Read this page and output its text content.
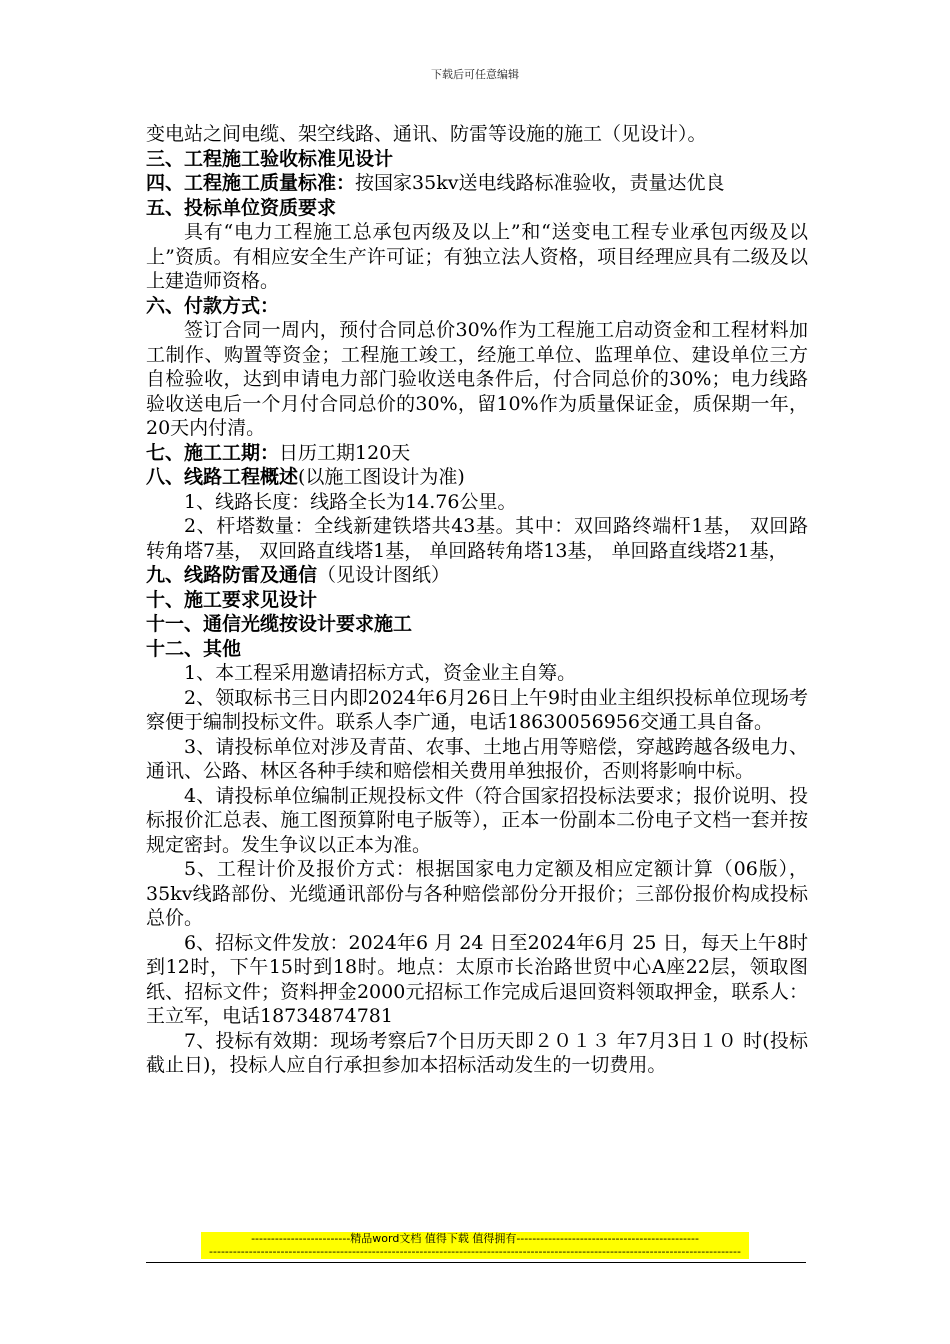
下载后可任意编辑

变电站之间电缆、架空线路、通讯、防雷等设施的施工（见设计）。

三、工程施工验收标准见设计

四、工程施工质量标准：按国家35kv送电线路标准验收，责量达优良

五、投标单位资质要求

具有“电力工程施工总承包丙级及以上”和“送变电工程专业承包丙级及以上”资质。有相应安全生产许可证；有独立法人资格，项目经理应具有二级及以上建造师资格。

六、付款方式：

签订合同一周内，预付合同总价30%作为工程施工启动资金和工程材料加工制作、购置等资金；工程施工竣工，经施工单位、监理单位、建设单位三方自检验收，达到申请电力部门验收送电条件后，付合同总价的30%；电力线路验收送电后一个月付合同总价的30%，留10%作为质量保证金，质保期一年，20天内付清。

七、施工工期：日历工期120天

八、线路工程概述(以施工图设计为准)

1、线路长度：线路全长为14.76公里。

2、杆塔数量：全线新建铁塔共43基。其中：双回路终端杆1基， 双回路转角塔7基， 双回路直线塔1基， 单回路转角塔13基， 单回路直线塔21基，

九、线路防雷及通信（见设计图纸）

十、施工要求见设计

十一、通信光缆按设计要求施工

十二、其他

1、本工程采用邀请招标方式，资金业主自筹。

2、领取标书三日内即2024年6月26日上午9时由业主组织投标单位现场考察便于编制投标文件。联系人李广通，电话18630056956交通工具自备。

3、请投标单位对涉及青苗、农事、土地占用等赔偿，穿越跨越各级电力、通讯、公路、林区各种手续和赔偿相关费用单独报价，否则将影响中标。

4、请投标单位编制正规投标文件（符合国家招投标法要求；报价说明、投标报价汇总表、施工图预算附电子版等），正本一份副本二份电子文档一套并按规定密封。发生争议以正本为准。

5、工程计价及报价方式：根据国家电力定额及相应定额计算（06版），35kv线路部份、光缆通讯部份与各种赔偿部份分开报价；三部份报价构成投标总价。

6、招标文件发放：2024年6 月 24 日至2024年6月 25 日，每天上午8时到12时，下午15时到18时。地点：太原市长治路世贸中心A座22层，领取图纸、招标文件；资料押金2000元招标工作完成后退回资料领取押金，联系人：王立军，电话18734874781

7、投标有效期：现场考察后7个日历天即２０１３ 年7月3日１０ 时(投标截止日)，投标人应自行承担参加本招标活动发生的一切费用。

-------------------------精品word文档 值得下载 值得拥有----------------------------------------------
--------------------------------------------------------------------------------------------------------------------------------------
